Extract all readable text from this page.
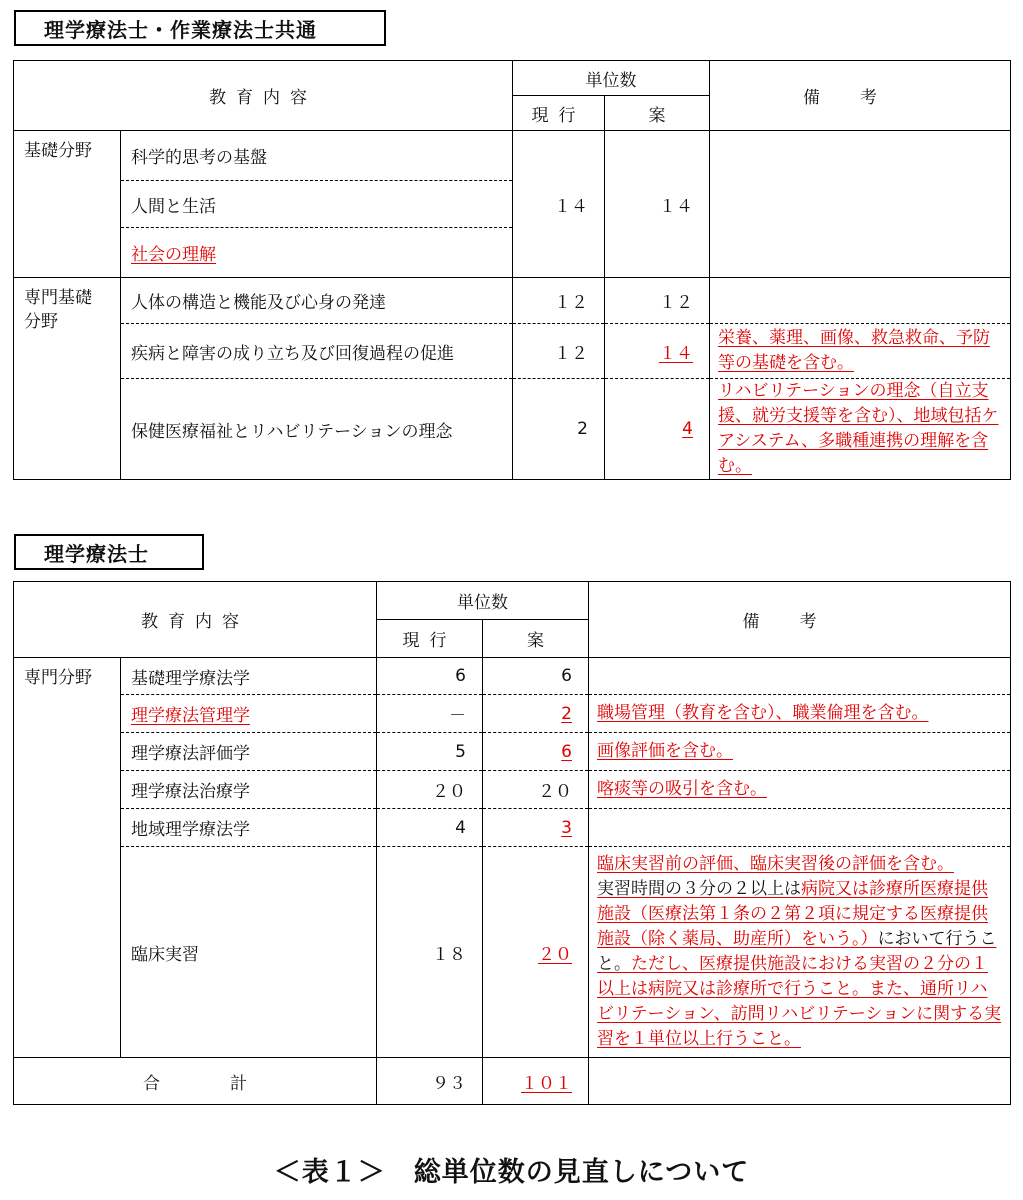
理学療法士・作業療法士共通
教育内容		単位数		備考
		現行	案	
基礎分野	科学的思考の基盤	１４	１４	
	人間と生活			
	社会の理解			
専門基礎分野	人体の構造と機能及び心身の発達	１２	１２	
	疾病と障害の成り立ち及び回復過程の促進	１２	１４	栄養、薬理、画像、救急救命、予防等の基礎を含む。
	保健医療福祉とリハビリテーションの理念	2	4	リハビリテーションの理念（自立支援、就労支援等を含む）、地域包括ケアシステム、多職種連携の理解を含む。
理学療法士
教育内容		単位数		備考
		現行	案	
専門分野	基礎理学療法学	6	6	
	理学療法管理学	－	2	職場管理（教育を含む）、職業倫理を含む。
	理学療法評価学	5	6	画像評価を含む。
	理学療法治療学	２０	２０	喀痰等の吸引を含む。
	地域理学療法学	4	3	
	臨床実習	１８	２０	臨床実習前の評価、臨床実習後の評価を含む。
実習時間の３分の２以上は病院又は診療所医療提供施設（医療法第１条の２第２項に規定する医療提供施設（除く薬局、助産所）をいう。）において行うこと。ただし、医療提供施設における実習の２分の１以上は病院又は診療所で行うこと。また、通所リハビリテーション、訪問リハビリテーションに関する実習を１単位以上行うこと。
合計		９３	１０１	
＜表１＞　総単位数の見直しについて
